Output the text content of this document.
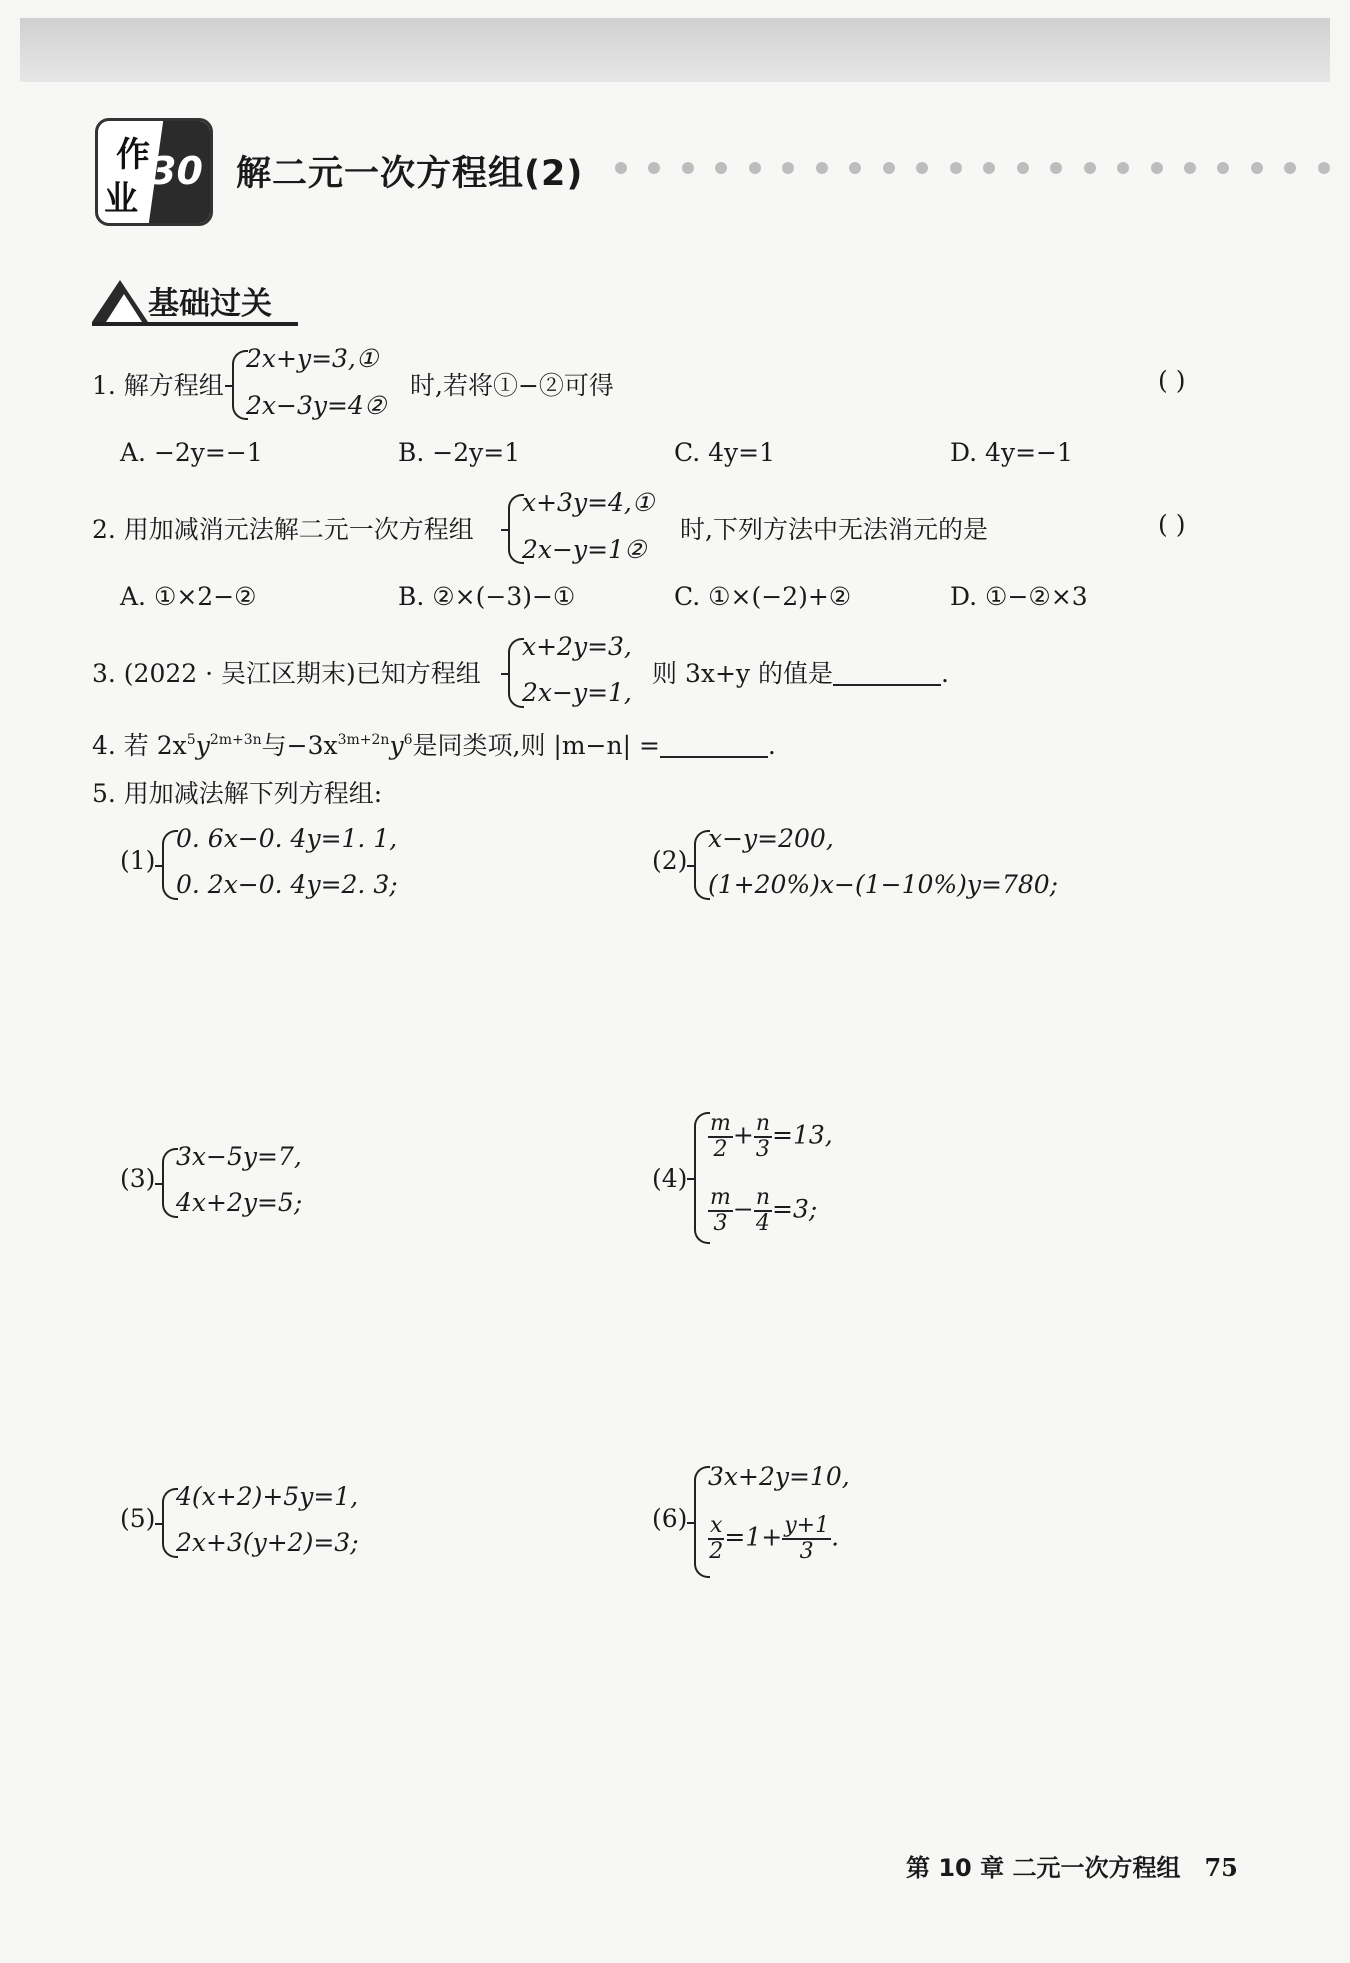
作
业
30 解二元一次方程组(2)
基础过关
1. 解方程组
2x+y=3,①
2x−3y=4②
时,若将①−②可得	( )
A. −2y=−1	B. −2y=1	C. 4y=1	D. 4y=−1
2. 用加减消元法解二元一次方程组
x+3y=4,①
2x−y=1②
时,下列方法中无法消元的是	( )
A. ①×2−②	B. ②×(−3)−①	C. ①×(−2)+②	D. ①−②×3
3. (2022 · 吴江区期末)已知方程组
x+2y=3,
2x−y=1,
则 3x+y 的值是	.
4. 若 $2x^5y^{2m+3n}$与$-3x^{3m+2n}y^6$是同类项,则 |m−n| =	.
5. 用加减法解下列方程组:
(1)
0. 6x−0. 4y=1. 1,
0. 2x−0. 4y=2. 3;
(2)
x−y=200,
(1+20%)x−(1−10%)y=780;
(3)
3x−5y=7,
4x+2y=5;
(4)
$\frac{m}{2} + \frac{n}{3} =13$,
$\frac{m}{3} - \frac{n}{4} =3$;
(5)
4(x+2)+5y=1,
2x+3(y+2)=3;
(6)
3x+2y=10,
$\frac{x}{2} =1+ \frac{y+1}{3}$ .
第 10 章 二元一次方程组 75
